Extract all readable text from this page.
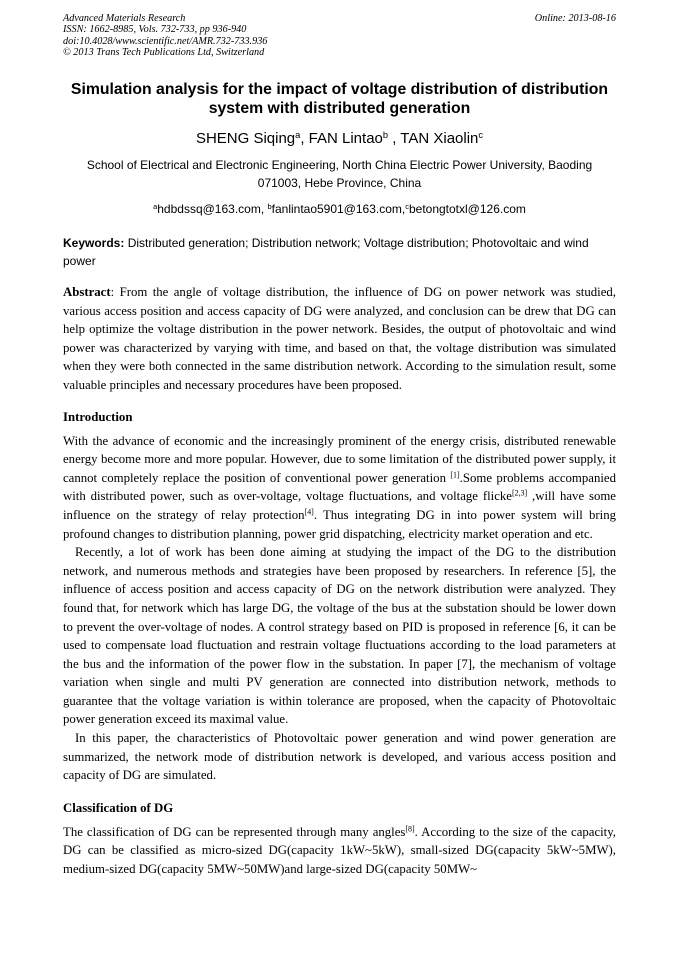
Advanced Materials Research
ISSN: 1662-8985, Vols. 732-733, pp 936-940
doi:10.4028/www.scientific.net/AMR.732-733.936
© 2013 Trans Tech Publications Ltd, Switzerland
Online: 2013-08-16
Simulation analysis for the impact of voltage distribution of distribution
system with distributed generation
SHENG Siqing$^a$, FAN Lintao$^b$ , TAN Xiaolin$^c$
School of Electrical and Electronic Engineering, North China Electric Power University, Baoding
071003, Hebe Province, China
$^a$hdbdssq@163.com, $^b$fanlintao5901@163.com,$^c$betongtotxl@126.com
Keywords: Distributed generation; Distribution network; Voltage distribution; Photovoltaic and wind power
Abstract: From the angle of voltage distribution, the influence of DG on power network was studied, various access position and access capacity of DG were analyzed, and conclusion can be drew that DG can help optimize the voltage distribution in the power network. Besides, the output of photovoltaic and wind power was characterized by varying with time, and based on that, the voltage distribution was simulated when they were both connected in the same distribution network. According to the simulation result, some valuable principles and necessary procedures have been proposed.
Introduction
With the advance of economic and the increasingly prominent of the energy crisis, distributed renewable energy become more and more popular. However, due to some limitation of the distributed power supply, it cannot completely replace the position of conventional power generation [1].Some problems accompanied with distributed power, such as over-voltage, voltage fluctuations, and voltage flicke[2,3] ,will have some influence on the strategy of relay protection[4]. Thus integrating DG in into power system will bring profound changes to distribution planning, power grid dispatching, electricity market operation and etc.
Recently, a lot of work has been done aiming at studying the impact of the DG to the distribution network, and numerous methods and strategies have been proposed by researchers. In reference [5], the influence of access position and access capacity of DG on the network distribution were analyzed. They found that, for network which has large DG, the voltage of the bus at the substation should be lower down to prevent the over-voltage of nodes. A control strategy based on PID is proposed in reference [6, it can be used to compensate load fluctuation and restrain voltage fluctuations according to the load parameters at the bus and the information of the power flow in the substation. In paper [7], the mechanism of voltage variation when single and multi PV generation are connected into distribution network, methods to guarantee that the voltage variation is within tolerance are proposed, when the capacity of Photovoltaic power generation exceed its maximal value.
In this paper, the characteristics of Photovoltaic power generation and wind power generation are summarized, the network mode of distribution network is developed, and various access position and capacity of DG are simulated.
Classification of DG
The classification of DG can be represented through many angles[8]. According to the size of the capacity, DG can be classified as micro-sized DG(capacity 1kW~5kW), small-sized DG(capacity 5kW~5MW), medium-sized DG(capacity 5MW~50MW)and large-sized DG(capacity 50MW~
